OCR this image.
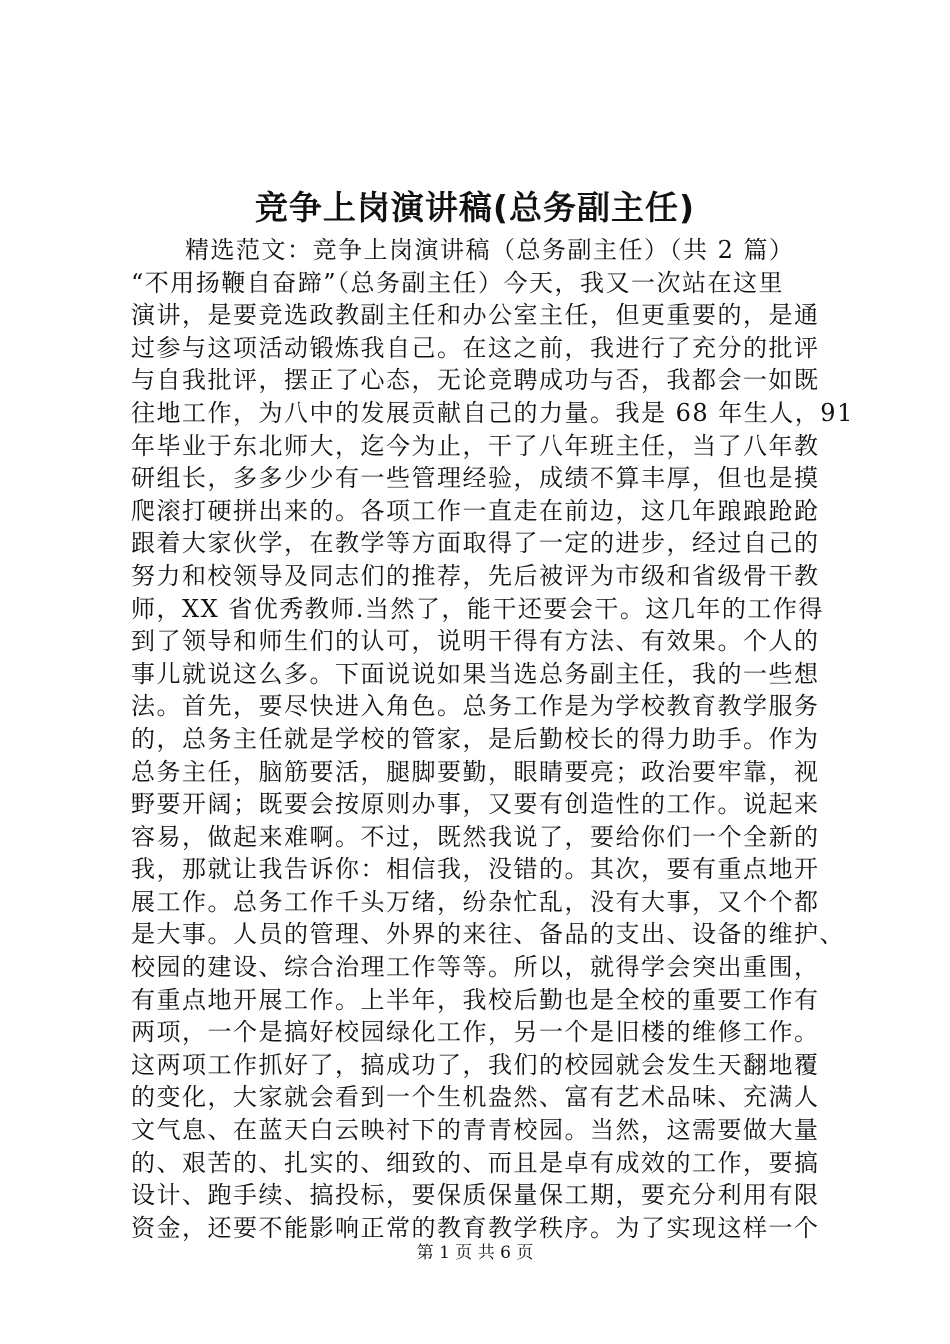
竞争上岗演讲稿(总务副主任)
精选范文：竞争上岗演讲稿（总务副主任）（共 2 篇）
“不用扬鞭自奋蹄”（总务副主任）今天，我又一次站在这里
演讲，是要竞选政教副主任和办公室主任，但更重要的，是通
过参与这项活动锻炼我自己。在这之前，我进行了充分的批评
与自我批评，摆正了心态，无论竞聘成功与否，我都会一如既
往地工作，为八中的发展贡献自己的力量。我是 68 年生人，91
年毕业于东北师大，迄今为止，干了八年班主任，当了八年教
研组长，多多少少有一些管理经验，成绩不算丰厚，但也是摸
爬滚打硬拼出来的。各项工作一直走在前边，这几年踉踉跄跄
跟着大家伙学，在教学等方面取得了一定的进步，经过自己的
努力和校领导及同志们的推荐，先后被评为市级和省级骨干教
师，XX 省优秀教师.当然了，能干还要会干。这几年的工作得
到了领导和师生们的认可，说明干得有方法、有效果。个人的
事儿就说这么多。下面说说如果当选总务副主任，我的一些想
法。首先，要尽快进入角色。总务工作是为学校教育教学服务
的，总务主任就是学校的管家，是后勤校长的得力助手。作为
总务主任，脑筋要活，腿脚要勤，眼睛要亮；政治要牢靠，视
野要开阔；既要会按原则办事，又要有创造性的工作。说起来
容易，做起来难啊。不过，既然我说了，要给你们一个全新的
我，那就让我告诉你：相信我，没错的。其次，要有重点地开
展工作。总务工作千头万绪，纷杂忙乱，没有大事，又个个都
是大事。人员的管理、外界的来往、备品的支出、设备的维护、
校园的建设、综合治理工作等等。所以，就得学会突出重围，
有重点地开展工作。上半年，我校后勤也是全校的重要工作有
两项，一个是搞好校园绿化工作，另一个是旧楼的维修工作。
这两项工作抓好了，搞成功了，我们的校园就会发生天翻地覆
的变化，大家就会看到一个生机盎然、富有艺术品味、充满人
文气息、在蓝天白云映衬下的青青校园。当然，这需要做大量
的、艰苦的、扎实的、细致的、而且是卓有成效的工作，要搞
设计、跑手续、搞投标，要保质保量保工期，要充分利用有限
资金，还要不能影响正常的教育教学秩序。为了实现这样一个
第 1 页 共 6 页
